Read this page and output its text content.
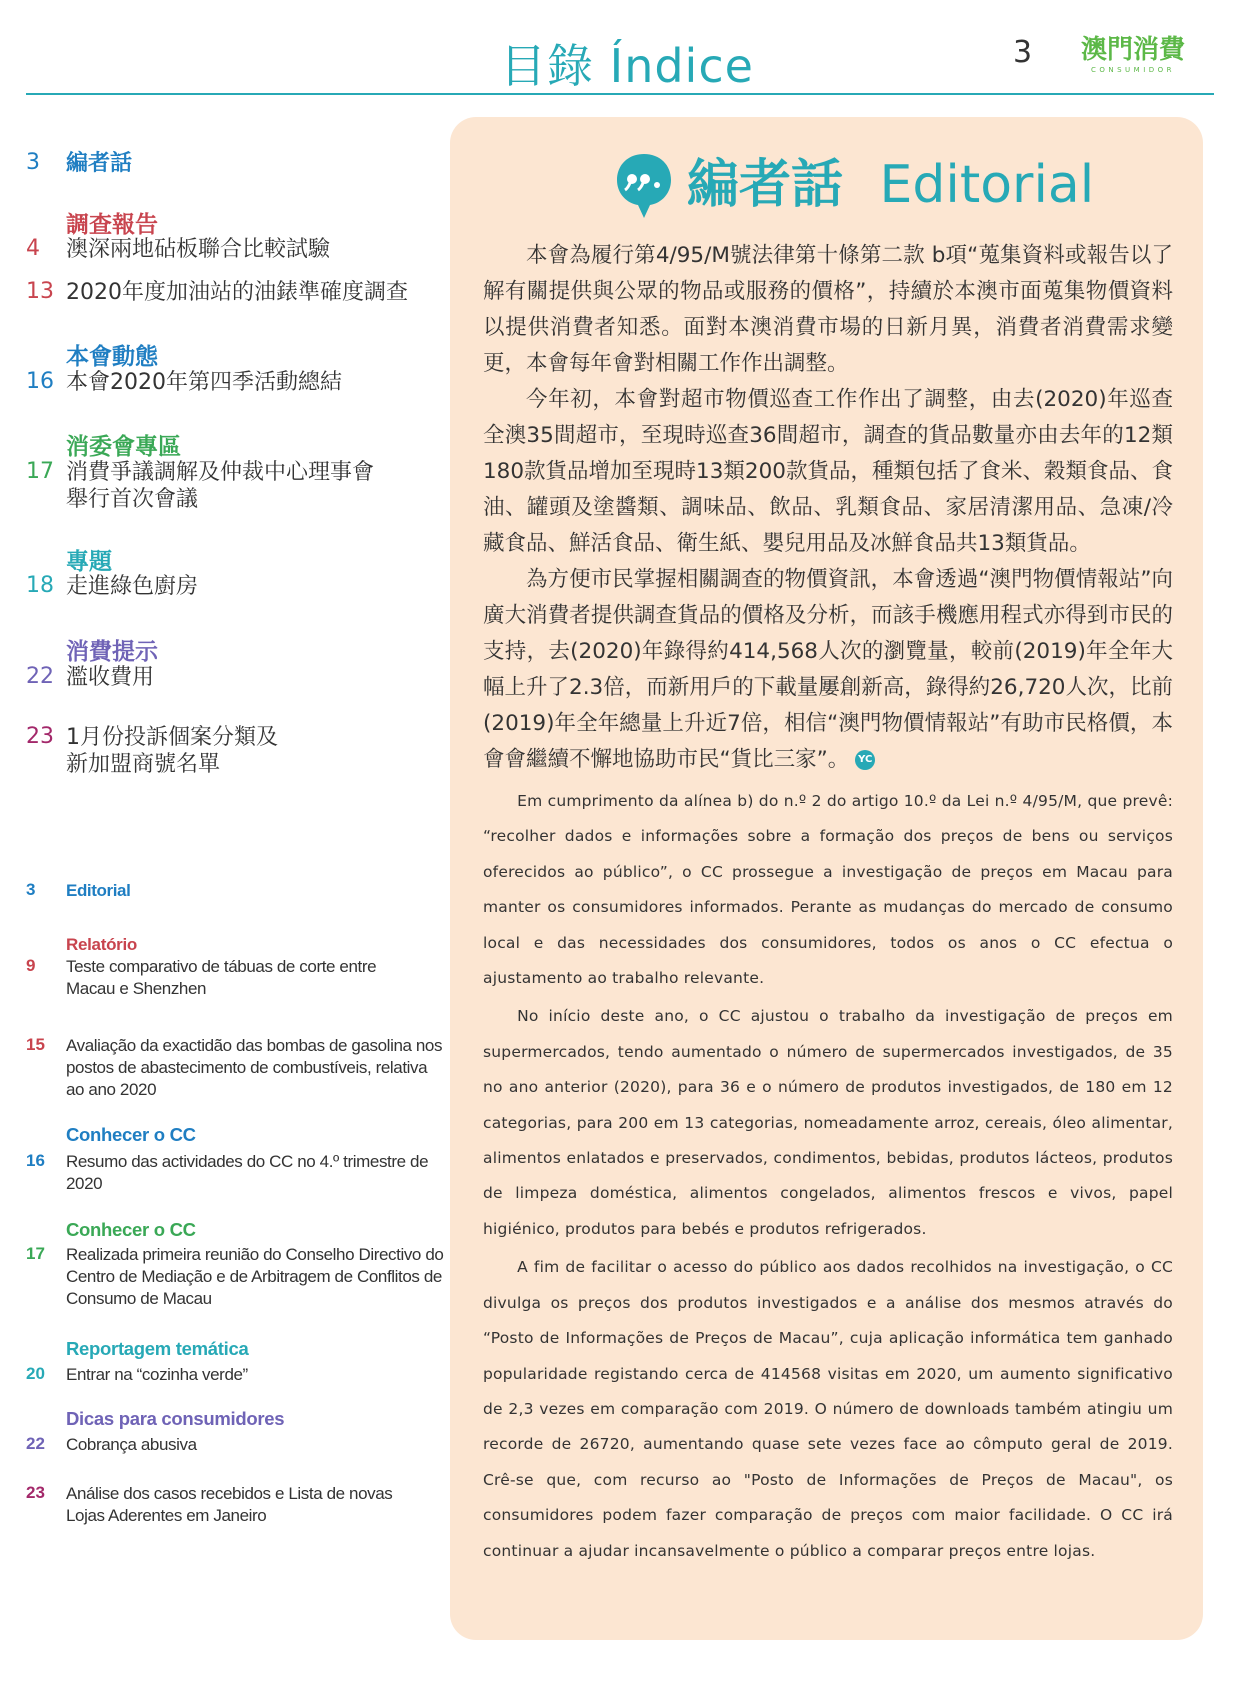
目錄 Índice	3	澳門消費
CONSUMIDOR
3	編者話
調查報告
4	澳深兩地砧板聯合比較試驗
13 2020年度加油站的油錶準確度調查
本會動態
16 本會2020年第四季活動總結
消委會專區
17 消費爭議調解及仲裁中心理事會舉行首次會議
專題
18 走進綠色廚房
消費提示
22 濫收費用
23 1月份投訴個案分類及新加盟商號名單
3	Editorial
Relatório
9	Teste comparativo de tábuas de corte entre Macau e Shenzhen
15	Avaliação da exactidão das bombas de gasolina nos postos de abastecimento de combustíveis, relativa ao ano 2020
Conhecer o CC
16	Resumo das actividades do CC no 4.º trimestre de 2020
Conhecer o CC
17	Realizada primeira reunião do Conselho Directivo do Centro de Mediação e de Arbitragem de Conflitos de Consumo de Macau
Reportagem temática
20	Entrar na “cozinha verde”
Dicas para consumidores
22	Cobrança abusiva
23	Análise dos casos recebidos e Lista de novas Lojas Aderentes em Janeiro
編者話 Editorial

本會為履行第4/95/M號法律第十條第二款 b項“蒐集資料或報告以了解有關提供與公眾的物品或服務的價格”，持續於本澳市面蒐集物價資料以提供消費者知悉。面對本澳消費市場的日新月異，消費者消費需求變更，本會每年會對相關工作作出調整。

今年初，本會對超市物價巡查工作作出了調整，由去(2020)年巡查全澳35間超市，至現時巡查36間超市，調查的貨品數量亦由去年的12類180款貨品增加至現時13類200款貨品，種類包括了食米、穀類食品、食油、罐頭及塗醬類、調味品、飲品、乳類食品、家居清潔用品、急凍/冷藏食品、鮮活食品、衛生紙、嬰兒用品及冰鮮食品共13類貨品。

為方便市民掌握相關調查的物價資訊，本會透過“澳門物價情報站”向廣大消費者提供調查貨品的價格及分析，而該手機應用程式亦得到市民的支持，去(2020)年錄得約414,568人次的瀏覽量，較前(2019)年全年大幅上升了2.3倍，而新用戶的下載量屢創新高，錄得約26,720人次，比前(2019)年全年總量上升近7倍，相信“澳門物價情報站”有助市民格價，本會會繼續不懈地協助市民“貨比三家”。 YC

Em cumprimento da alínea b) do n.º 2 do artigo 10.º da Lei n.º 4/95/M, que prevê: “recolher dados e informações sobre a formação dos preços de bens ou serviços oferecidos ao público”, o CC prossegue a investigação de preços em Macau para manter os consumidores informados. Perante as mudanças do mercado de consumo local e das necessidades dos consumidores, todos os anos o CC efectua o ajustamento ao trabalho relevante.

No início deste ano, o CC ajustou o trabalho da investigação de preços em supermercados, tendo aumentado o número de supermercados investigados, de 35 no ano anterior (2020), para 36 e o número de produtos investigados, de 180 em 12 categorias, para 200 em 13 categorias, nomeadamente arroz, cereais, óleo alimentar, alimentos enlatados e preservados, condimentos, bebidas, produtos lácteos, produtos de limpeza doméstica, alimentos congelados, alimentos frescos e vivos, papel higiénico, produtos para bebés e produtos refrigerados.

A fim de facilitar o acesso do público aos dados recolhidos na investigação, o CC divulga os preços dos produtos investigados e a análise dos mesmos através do “Posto de Informações de Preços de Macau”, cuja aplicação informática tem ganhado popularidade registando cerca de 414568 visitas em 2020, um aumento significativo de 2,3 vezes em comparação com 2019. O número de downloads também atingiu um recorde de 26720, aumentando quase sete vezes face ao cômputo geral de 2019. Crê-se que, com recurso ao "Posto de Informações de Preços de Macau", os consumidores podem fazer comparação de preços com maior facilidade. O CC irá continuar a ajudar incansavelmente o público a comparar preços entre lojas.
